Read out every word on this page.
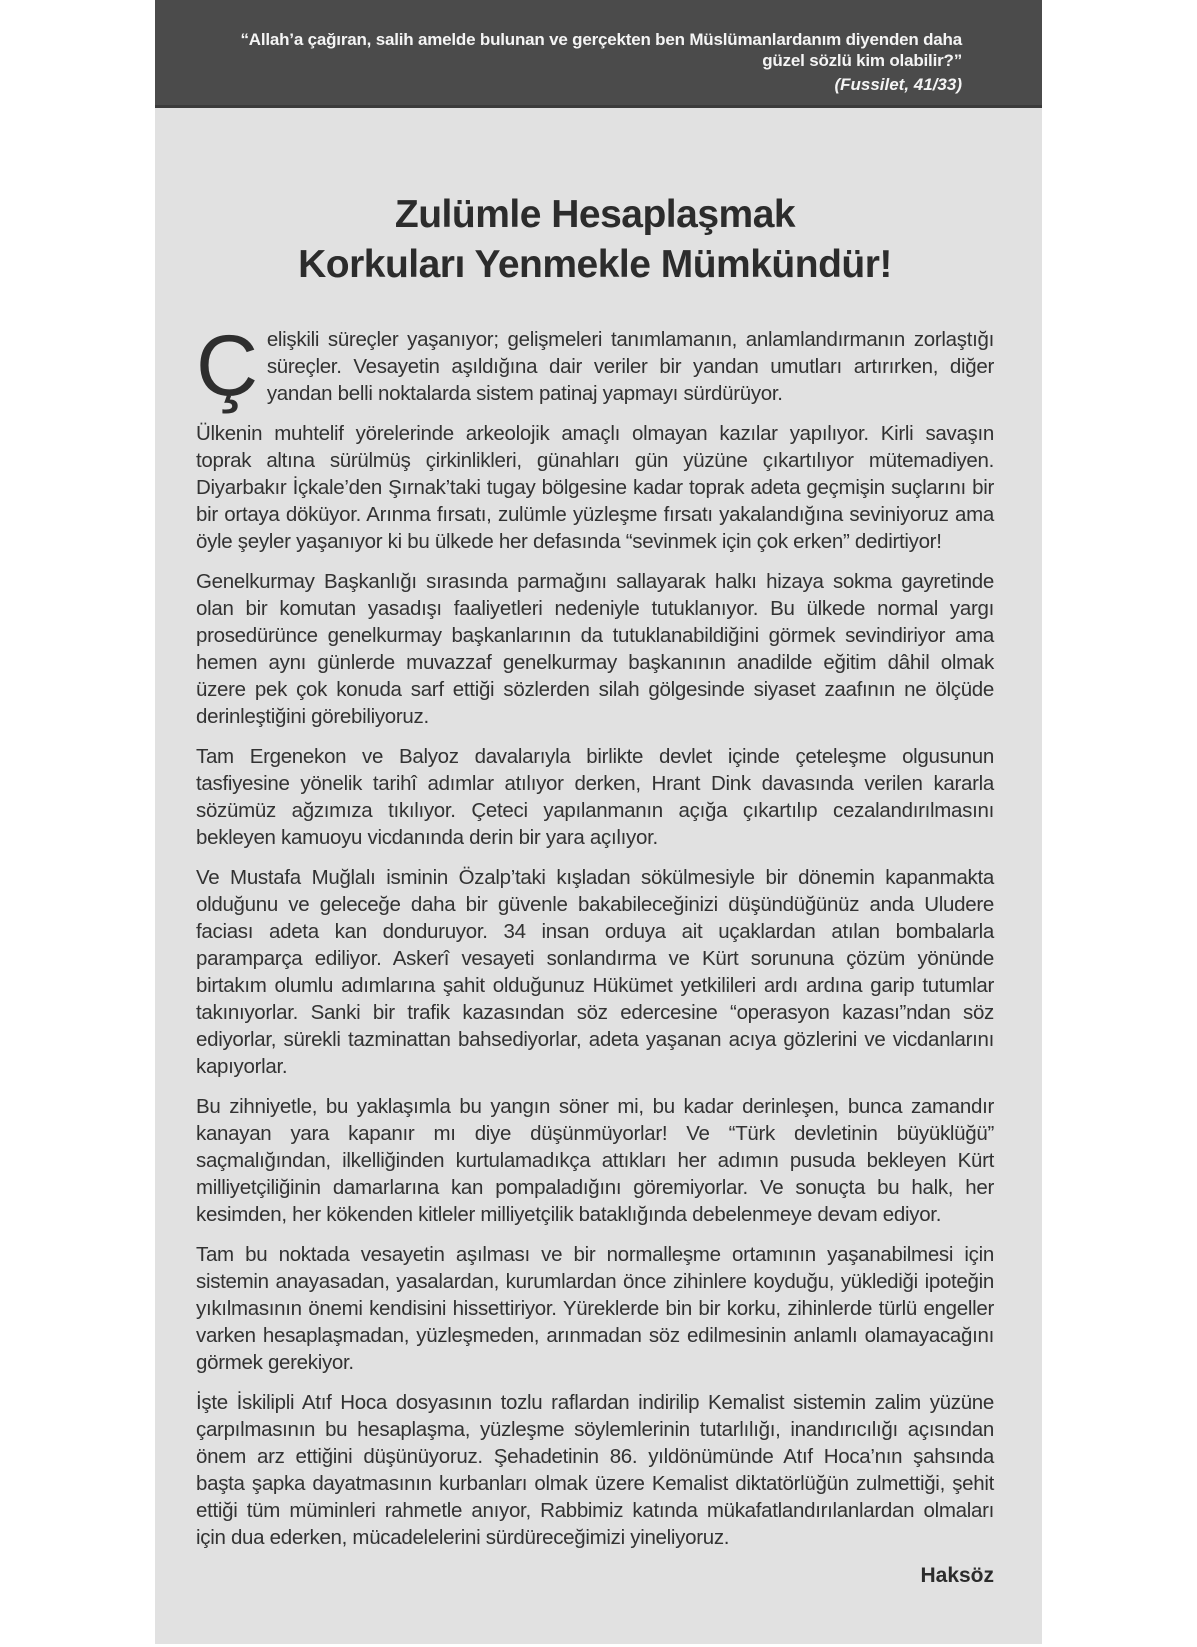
“Allah’a çağıran, salih amelde bulunan ve gerçekten ben Müslümanlardanım diyenden daha güzel sözlü kim olabilir?”
(Fussilet, 41/33)
Zulümle Hesaplaşmak
Korkuları Yenmekle Mümkündür!

Çelişkili süreçler yaşanıyor; gelişmeleri tanımlamanın, anlamlandırmanın zorlaştığı süreçler. Vesayetin aşıldığına dair veriler bir yandan umutları artırırken, diğer yandan belli noktalarda sistem patinaj yapmayı sürdürüyor.

Ülkenin muhtelif yörelerinde arkeolojik amaçlı olmayan kazılar yapılıyor. Kirli savaşın toprak altına sürülmüş çirkinlikleri, günahları gün yüzüne çıkartılıyor mütemadiyen. Diyarbakır İçkale’den Şırnak’taki tugay bölgesine kadar toprak adeta geçmişin suçlarını bir bir ortaya döküyor. Arınma fırsatı, zulümle yüzleşme fırsatı yakalandığına seviniyoruz ama öyle şeyler yaşanıyor ki bu ülkede her defasında “sevinmek için çok erken” dedirtiyor!

Genelkurmay Başkanlığı sırasında parmağını sallayarak halkı hizaya sokma gayretinde olan bir komutan yasadışı faaliyetleri nedeniyle tutuklanıyor. Bu ülkede normal yargı prosedürünce genelkurmay başkanlarının da tutuklanabildiğini görmek sevindiriyor ama hemen aynı günlerde muvazzaf genelkurmay başkanının anadilde eğitim dâhil olmak üzere pek çok konuda sarf ettiği sözlerden silah gölgesinde siyaset zaafının ne ölçüde derinleştiğini görebiliyoruz.

Tam Ergenekon ve Balyoz davalarıyla birlikte devlet içinde çeteleşme olgusunun tasfiyesine yönelik tarihî adımlar atılıyor derken, Hrant Dink davasında verilen kararla sözümüz ağzımıza tıkılıyor. Çeteci yapılanmanın açığa çıkartılıp cezalandırılmasını bekleyen kamuoyu vicdanında derin bir yara açılıyor.

Ve Mustafa Muğlalı isminin Özalp’taki kışladan sökülmesiyle bir dönemin kapanmakta olduğunu ve geleceğe daha bir güvenle bakabileceğinizi düşündüğünüz anda Uludere faciası adeta kan donduruyor. 34 insan orduya ait uçaklardan atılan bombalarla paramparça ediliyor. Askerî vesayeti sonlandırma ve Kürt sorununa çözüm yönünde birtakım olumlu adımlarına şahit olduğunuz Hükümet yetkilileri ardı ardına garip tutumlar takınıyorlar. Sanki bir trafik kazasından söz edercesine “operasyon kazası”ndan söz ediyorlar, sürekli tazminattan bahsediyorlar, adeta yaşanan acıya gözlerini ve vicdanlarını kapıyorlar.

Bu zihniyetle, bu yaklaşımla bu yangın söner mi, bu kadar derinleşen, bunca zamandır kanayan yara kapanır mı diye düşünmüyorlar! Ve “Türk devletinin büyüklüğü” saçmalığından, ilkelliğinden kurtulamadıkça attıkları her adımın pusuda bekleyen Kürt milliyetçiliğinin damarlarına kan pompaladığını göremiyorlar. Ve sonuçta bu halk, her kesimden, her kökenden kitleler milliyetçilik bataklığında debelenmeye devam ediyor.

Tam bu noktada vesayetin aşılması ve bir normalleşme ortamının yaşanabilmesi için sistemin anayasadan, yasalardan, kurumlardan önce zihinlere koyduğu, yüklediği ipoteğin yıkılmasının önemi kendisini hissettiriyor. Yüreklerde bin bir korku, zihinlerde türlü engeller varken hesaplaşmadan, yüzleşmeden, arınmadan söz edilmesinin anlamlı olamayacağını görmek gerekiyor.

İşte İskilipli Atıf Hoca dosyasının tozlu raflardan indirilip Kemalist sistemin zalim yüzüne çarpılmasının bu hesaplaşma, yüzleşme söylemlerinin tutarlılığı, inandırıcılığı açısından önem arz ettiğini düşünüyoruz. Şehadetinin 86. yıldönümünde Atıf Hoca’nın şahsında başta şapka dayatmasının kurbanları olmak üzere Kemalist diktatörlüğün zulmettiği, şehit ettiği tüm müminleri rahmetle anıyor, Rabbimiz katında mükafatlandırılanlardan olmaları için dua ederken, mücadelelerini sürdüreceğimizi yineliyoruz.

Haksöz
